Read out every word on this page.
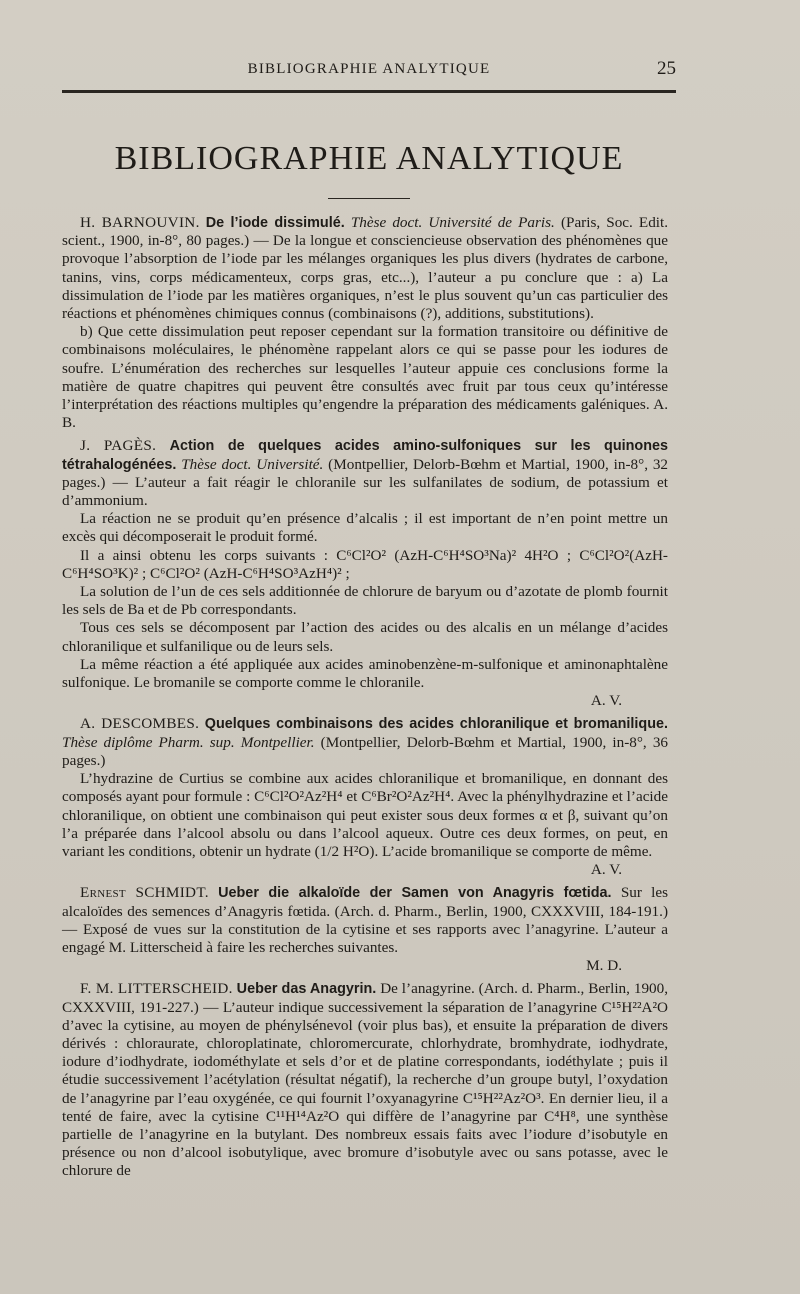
BIBLIOGRAPHIE ANALYTIQUE	25
BIBLIOGRAPHIE ANALYTIQUE

H. BARNOUVIN. De l’iode dissimulé. Thèse doct. Université de Paris. (Paris, Soc. Edit. scient., 1900, in-8°, 80 pages.) — De la longue et consciencieuse observation des phénomènes que provoque l’absorption de l’iode par les mélanges organiques les plus divers (hydrates de carbone, tanins, vins, corps médicamenteux, corps gras, etc...), l’auteur a pu conclure que : a) La dissimulation de l’iode par les matières organiques, n’est le plus souvent qu’un cas particulier des réactions et phénomènes chimiques connus (combinaisons (?), additions, substitutions).

b) Que cette dissimulation peut reposer cependant sur la formation transitoire ou définitive de combinaisons moléculaires, le phénomène rappelant alors ce qui se passe pour les iodures de soufre. L’énumération des recherches sur lesquelles l’auteur appuie ces conclusions forme la matière de quatre chapitres qui peuvent être consultés avec fruit par tous ceux qu’intéresse l’interprétation des réactions multiples qu’engendre la préparation des médicaments galéniques. A. B.

J. PAGÈS. Action de quelques acides amino-sulfoniques sur les quinones tétrahalogénées. Thèse doct. Université. (Montpellier, Delorb-Bœhm et Martial, 1900, in-8°, 32 pages.) — L’auteur a fait réagir le chloranile sur les sulfanilates de sodium, de potassium et d’ammonium.

La réaction ne se produit qu’en présence d’alcalis ; il est important de n’en point mettre un excès qui décomposerait le produit formé.

Il a ainsi obtenu les corps suivants : C⁶Cl²O² (AzH-C⁶H⁴SO³Na)² 4H²O ; C⁶Cl²O²(AzH-C⁶H⁴SO³K)² ; C⁶Cl²O² (AzH-C⁶H⁴SO³AzH⁴)² ;

La solution de l’un de ces sels additionnée de chlorure de baryum ou d’azotate de plomb fournit les sels de Ba et de Pb correspondants.

Tous ces sels se décomposent par l’action des acides ou des alcalis en un mélange d’acides chloranilique et sulfanilique ou de leurs sels.

La même réaction a été appliquée aux acides aminobenzène-m-sulfonique et aminonaphtalène sulfonique. Le bromanile se comporte comme le chloranile.

A. V.

A. DESCOMBES. Quelques combinaisons des acides chloranilique et bromanilique. Thèse diplôme Pharm. sup. Montpellier. (Montpellier, Delorb-Bœhm et Martial, 1900, in-8°, 36 pages.)

L’hydrazine de Curtius se combine aux acides chloranilique et bromanilique, en donnant des composés ayant pour formule : C⁶Cl²O²Az²H⁴ et C⁶Br²O²Az²H⁴. Avec la phénylhydrazine et l’acide chloranilique, on obtient une combinaison qui peut exister sous deux formes α et β, suivant qu’on l’a préparée dans l’alcool absolu ou dans l’alcool aqueux. Outre ces deux formes, on peut, en variant les conditions, obtenir un hydrate (1/2 H²O). L’acide bromanilique se comporte de même.

A. V.

Ernest SCHMIDT. Ueber die alkaloïde der Samen von Anagyris fœtida. Sur les alcaloïdes des semences d’Anagyris fœtida. (Arch. d. Pharm., Berlin, 1900, CXXXVIII, 184-191.) — Exposé de vues sur la constitution de la cytisine et ses rapports avec l’anagyrine. L’auteur a engagé M. Litterscheid à faire les recherches suivantes.

M. D.

F. M. LITTERSCHEID. Ueber das Anagyrin. De l’anagyrine. (Arch. d. Pharm., Berlin, 1900, CXXXVIII, 191-227.) — L’auteur indique successivement la séparation de l’anagyrine C¹⁵H²²A²O d’avec la cytisine, au moyen de phénylsénevol (voir plus bas), et ensuite la préparation de divers dérivés : chloraurate, chloroplatinate, chloromercurate, chlorhydrate, bromhydrate, iodhydrate, iodure d’iodhydrate, iodométhylate et sels d’or et de platine correspondants, iodéthylate ; puis il étudie successivement l’acétylation (résultat négatif), la recherche d’un groupe butyl, l’oxydation de l’anagyrine par l’eau oxygénée, ce qui fournit l’oxyanagyrine C¹⁵H²²Az²O³. En dernier lieu, il a tenté de faire, avec la cytisine C¹¹H¹⁴Az²O qui diffère de l’anagyrine par C⁴H⁸, une synthèse partielle de l’anagyrine en la butylant. Des nombreux essais faits avec l’iodure d’isobutyle en présence ou non d’alcool isobutylique, avec bromure d’isobutyle avec ou sans potasse, avec le chlorure de
